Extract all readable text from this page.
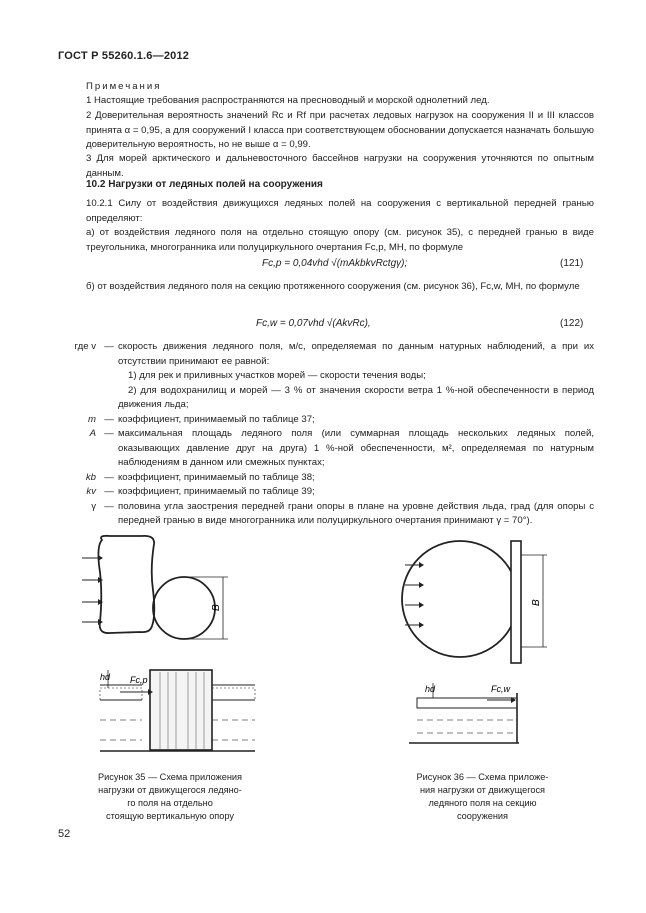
ГОСТ Р 55260.1.6—2012

Примечания

1 Настоящие требования распространяются на пресноводный и морской однолетний лед.

2 Доверительная вероятность значений Rc и Rf при расчетах ледовых нагрузок на сооружения II и III классов принята α = 0,95, а для сооружений I класса при соответствующем обосновании допускается назначать большую доверительную вероятность, но не выше α = 0,99.

3 Для морей арктического и дальневосточного бассейнов нагрузки на сооружения уточняются по опытным данным.

10.2 Нагрузки от ледяных полей на сооружения

10.2.1 Силу от воздействия движущихся ледяных полей на сооружения с вертикальной передней гранью определяют:

а) от воздействия ледяного поля на отдельно стоящую опору (см. рисунок 35), с передней гранью в виде треугольника, многогранника или полуциркульного очертания Fc,p, МН, по формуле

Fc,p = 0,04vhd √(mAkbkvRctgγ);	(121)

б) от воздействия ледяного поля на секцию протяженного сооружения (см. рисунок 36), Fc,w, МН, по формуле

Fc,w = 0,07vhd √(AkvRc),	(122)
где v — скорость движения ледяного поля, м/с, определяемая по данным натурных наблюдений, а при их отсутствии принимают ее равной:
1) для рек и приливных участков морей — скорости течения воды;
2) для водохранилищ и морей — 3 % от значения скорости ветра 1 %-ной обеспеченности в период движения льда;
m — коэффициент, принимаемый по таблице 37;
A — максимальная площадь ледяного поля (или суммарная площадь нескольких ледяных полей, оказывающих давление друг на друга) 1 %-ной обеспеченности, м², определяемая по натурным наблюдениям в данном или смежных пунктах;
kb — коэффициент, принимаемый по таблице 38;
kv — коэффициент, принимаемый по таблице 39;
γ — половина угла заострения передней грани опоры в плане на уровне действия льда, град (для опоры с передней гранью в виде многогранника или полуциркульного очертания принимают γ = 70°).
B
hd Fc,p
Рисунок 35 — Схема приложения
нагрузки от движущегося ледяно-
го поля на отдельно
стоящую вертикальную опору
B
hd	Fc,w
Рисунок 36 — Схема приложе-
ния нагрузки от движущегося
ледяного поля на секцию
сооружения
52
